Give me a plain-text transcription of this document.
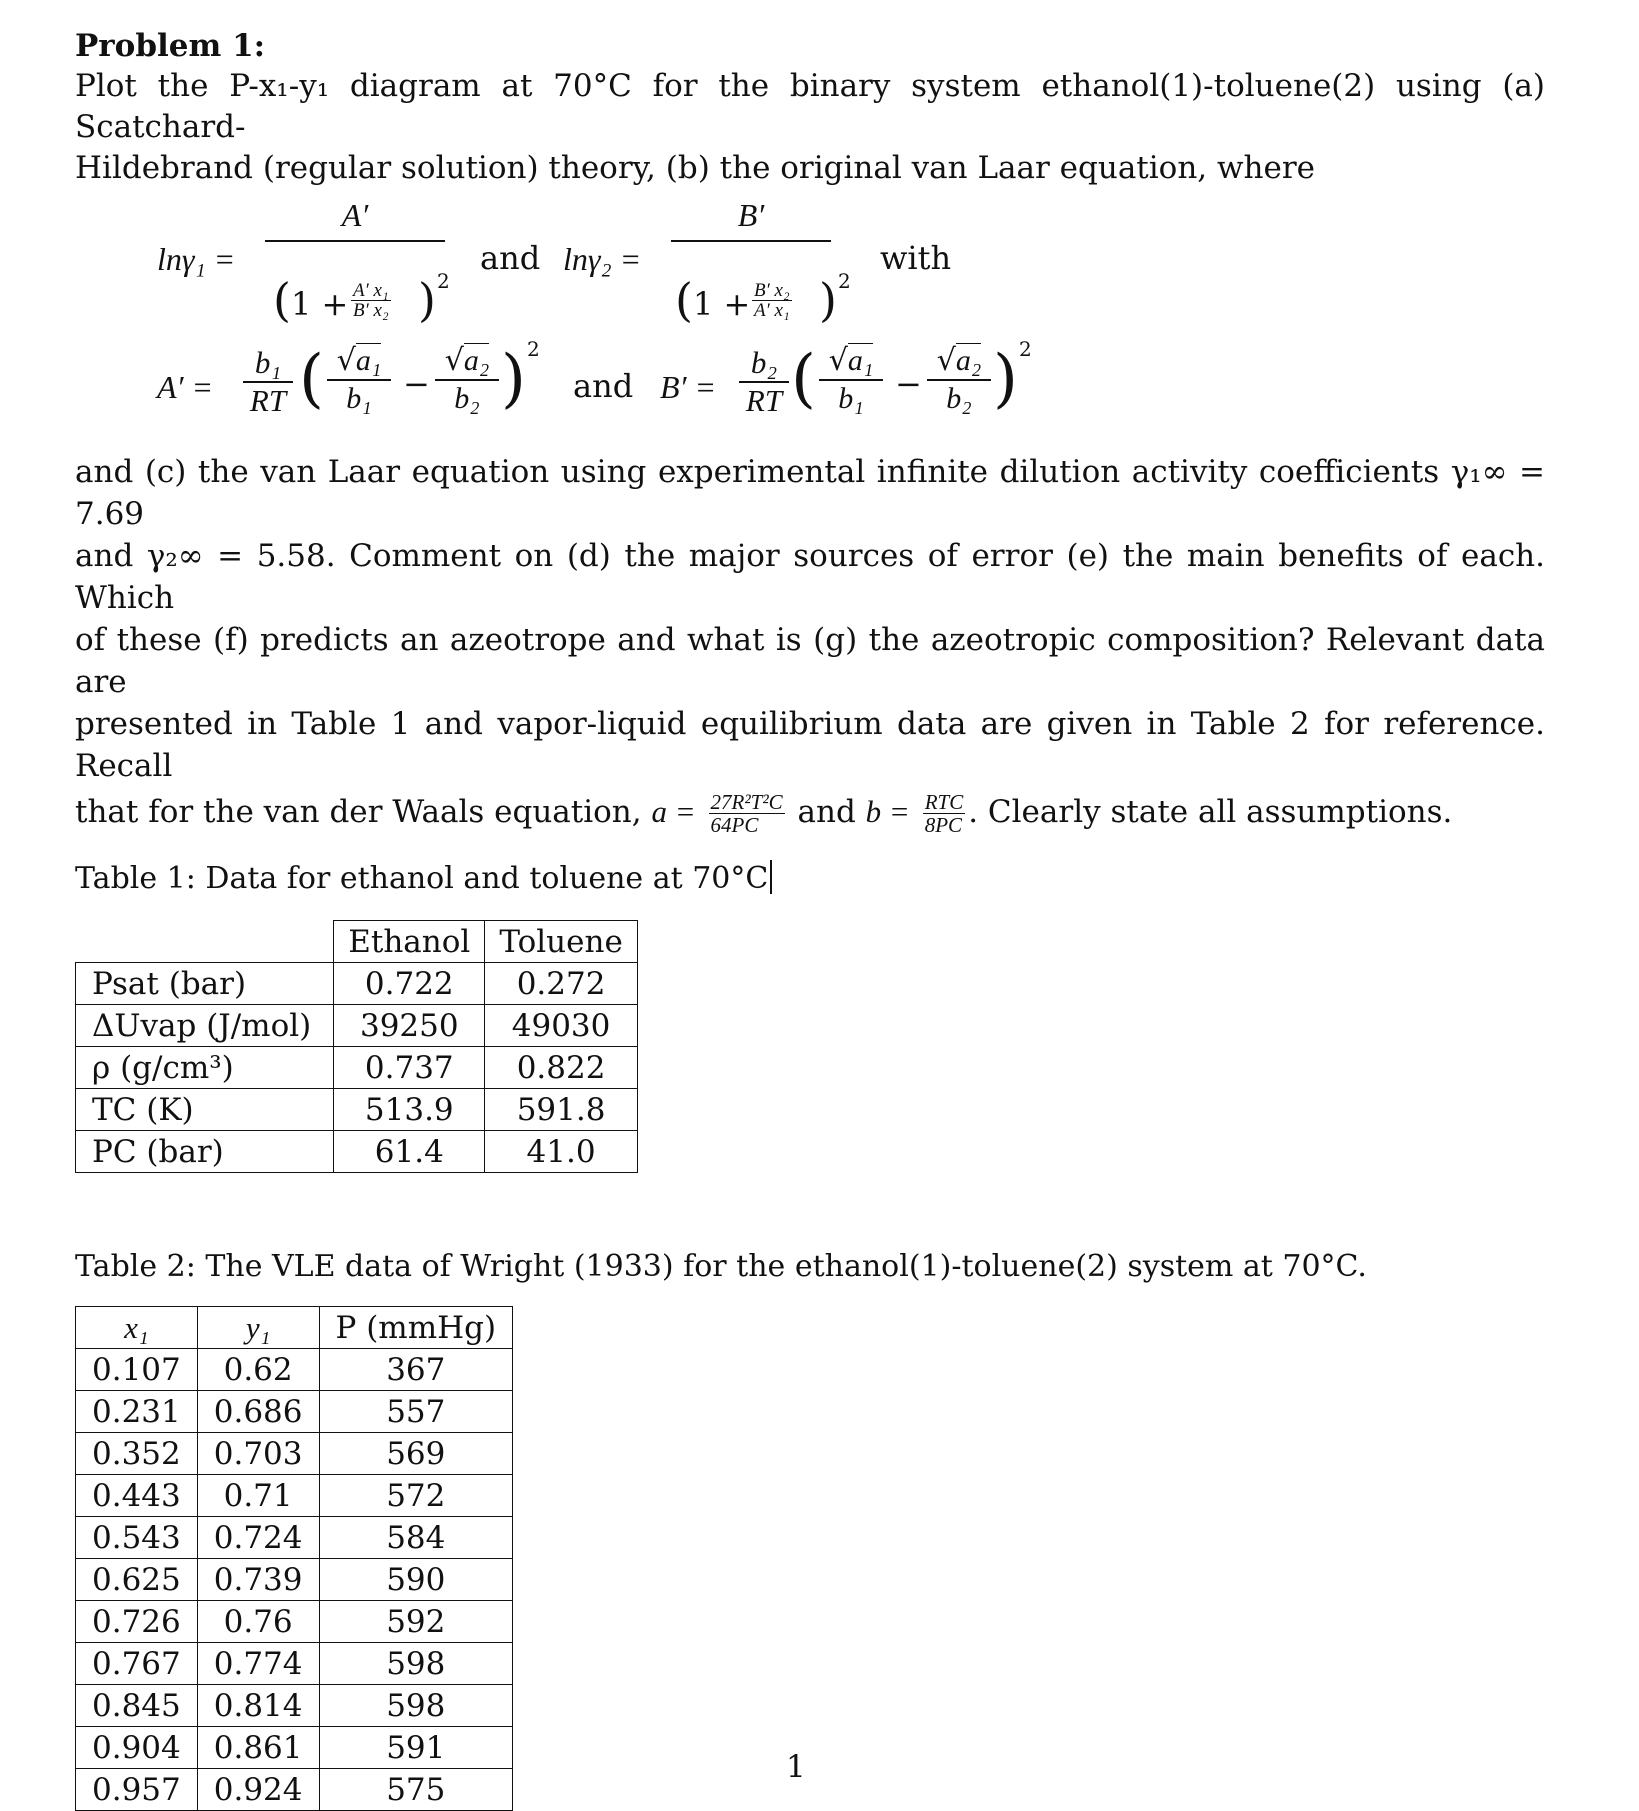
Problem 1:

Plot the P-x₁-y₁ diagram at 70°C for the binary system ethanol(1)-toluene(2) using (a) Scatchard-

Hildebrand (regular solution) theory, (b) the original van Laar equation, where

lnγ₁ =
A′
( $1 + \frac{\text{A′ x₁}}{\text{B′ x₂}}$ ) 2
and lnγ₂ =
B′
( $1 + \frac{\text{B′ x₂}}{\text{A′ x₁}}$ ) 2
with
$A' = \frac{\text{b₁}}{RT}$ ( $\frac{\text{√a₁}}{\text{b₁}} - \frac{\text{√a₂}}{\text{b₂}}$ ) 2
and $B' = \frac{\text{b₂}}{RT}$ ( $\frac{\text{√a₁}}{\text{b₁}} - \frac{\text{√a₂}}{\text{b₂}}$ ) 2

and (c) the van Laar equation using experimental infinite dilution activity coefficients γ₁∞ = 7.69

and γ₂∞ = 5.58. Comment on (d) the major sources of error (e) the main benefits of each. Which

of these (f) predicts an azeotrope and what is (g) the azeotropic composition? Relevant data are

presented in Table 1 and vapor-liquid equilibrium data are given in Table 2 for reference. Recall

that for the van der Waals equation, $a = \frac{\text{27R²T²C}}{64PC}$ and b = RTC
8PC . Clearly state all assumptions.

Table 1: Data for ethanol and toluene at 70°C

	Ethanol	Toluene
Psat (bar)	0.722	0.272
ΔUvap (J/mol)	39250	49030
ρ (g/cm³)	0.737	0.822
TC (K)	513.9	591.8
PC (bar)	61.4	41.0

Table 2: The VLE data of Wright (1933) for the ethanol(1)-toluene(2) system at 70°C.

x₁	y₁	P (mmHg)
0.107	0.62	367
0.231	0.686	557
0.352	0.703	569
0.443	0.71	572
0.543	0.724	584
0.625	0.739	590
0.726	0.76	592
0.767	0.774	598
0.845	0.814	598
0.904	0.861	591
0.957	0.924	575
1
